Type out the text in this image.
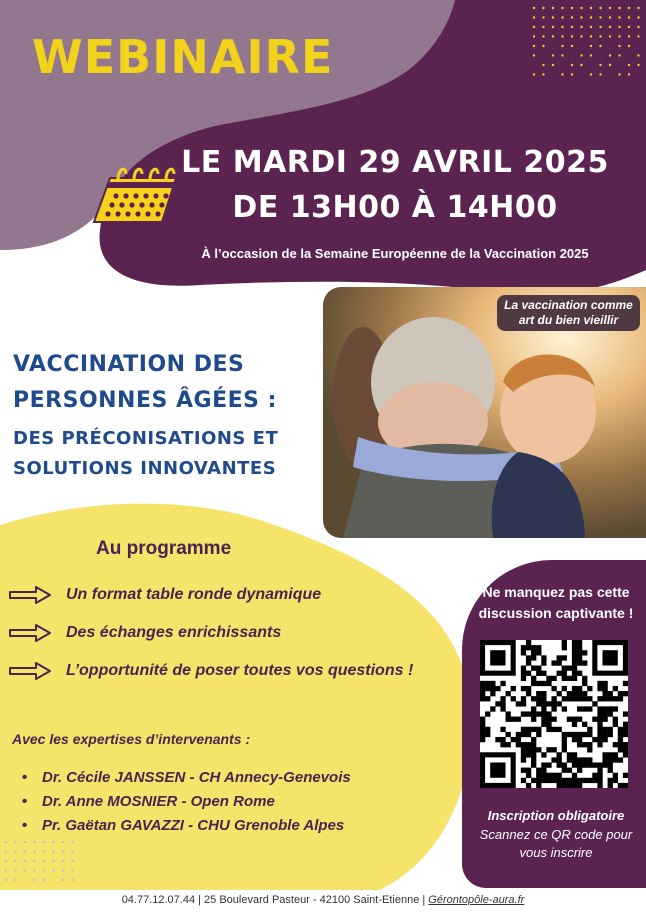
WEBINAIRE
LE MARDI 29 AVRIL 2025
DE 13H00 À 14H00
À l’occasion de la Semaine Européenne de la Vaccination 2025
La vaccination comme art du bien vieillir
VACCINATION DES
PERSONNES ÂGÉES :
DES PRÉCONISATIONS ET
SOLUTIONS INNOVANTES
Au programme
Un format table ronde dynamique
Des échanges enrichissants
L’opportunité de poser toutes vos questions !
Avec les expertises d’intervenants :
• Dr. Cécile JANSSEN - CH Annecy-Genevois
• Dr. Anne MOSNIER - Open Rome
• Pr. Gaëtan GAVAZZI - CHU Grenoble Alpes
Ne manquez pas cette discussion captivante !
Inscription obligatoire
Scannez ce QR code pour vous inscrire
04.77.12.07.44 | 25 Boulevard Pasteur - 42100 Saint-Etienne | Gérontopôle-aura.fr
